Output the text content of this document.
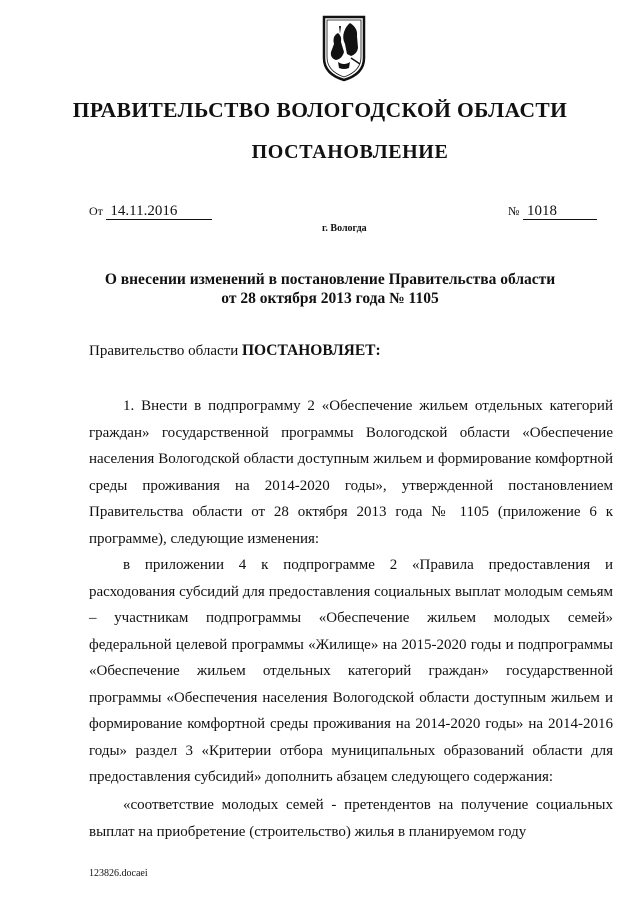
ПРАВИТЕЛЬСТВО ВОЛОГОДСКОЙ ОБЛАСТИ
ПОСТАНОВЛЕНИЕ
От 14.11.2016	№ 1018
г. Вологда
О внесении изменений в постановление Правительства области
от 28 октября 2013 года № 1105
Правительство области ПОСТАНОВЛЯЕТ:

1. Внести в подпрограмму 2 «Обеспечение жильем отдельных категорий граждан» государственной программы Вологодской области «Обеспечение населения Вологодской области доступным жильем и формирование комфортной среды проживания на 2014-2020 годы», утвержденной постановлением Правительства области от 28 октября 2013 года № 1105 (приложение 6 к программе), следующие изменения:

в приложении 4 к подпрограмме 2 «Правила предоставления и расходования субсидий для предоставления социальных выплат молодым семьям – участникам подпрограммы «Обеспечение жильем молодых семей» федеральной целевой программы «Жилище» на 2015-2020 годы и подпрограммы «Обеспечение жильем отдельных категорий граждан» государственной программы «Обеспечения населения Вологодской области доступным жильем и формирование комфортной среды проживания на 2014-2020 годы» на 2014-2016 годы» раздел 3 «Критерии отбора муниципальных образований области для предоставления субсидий» дополнить абзацем следующего содержания:

«соответствие молодых семей - претендентов на получение социальных выплат на приобретение (строительство) жилья в планируемом году

123826.docaei
